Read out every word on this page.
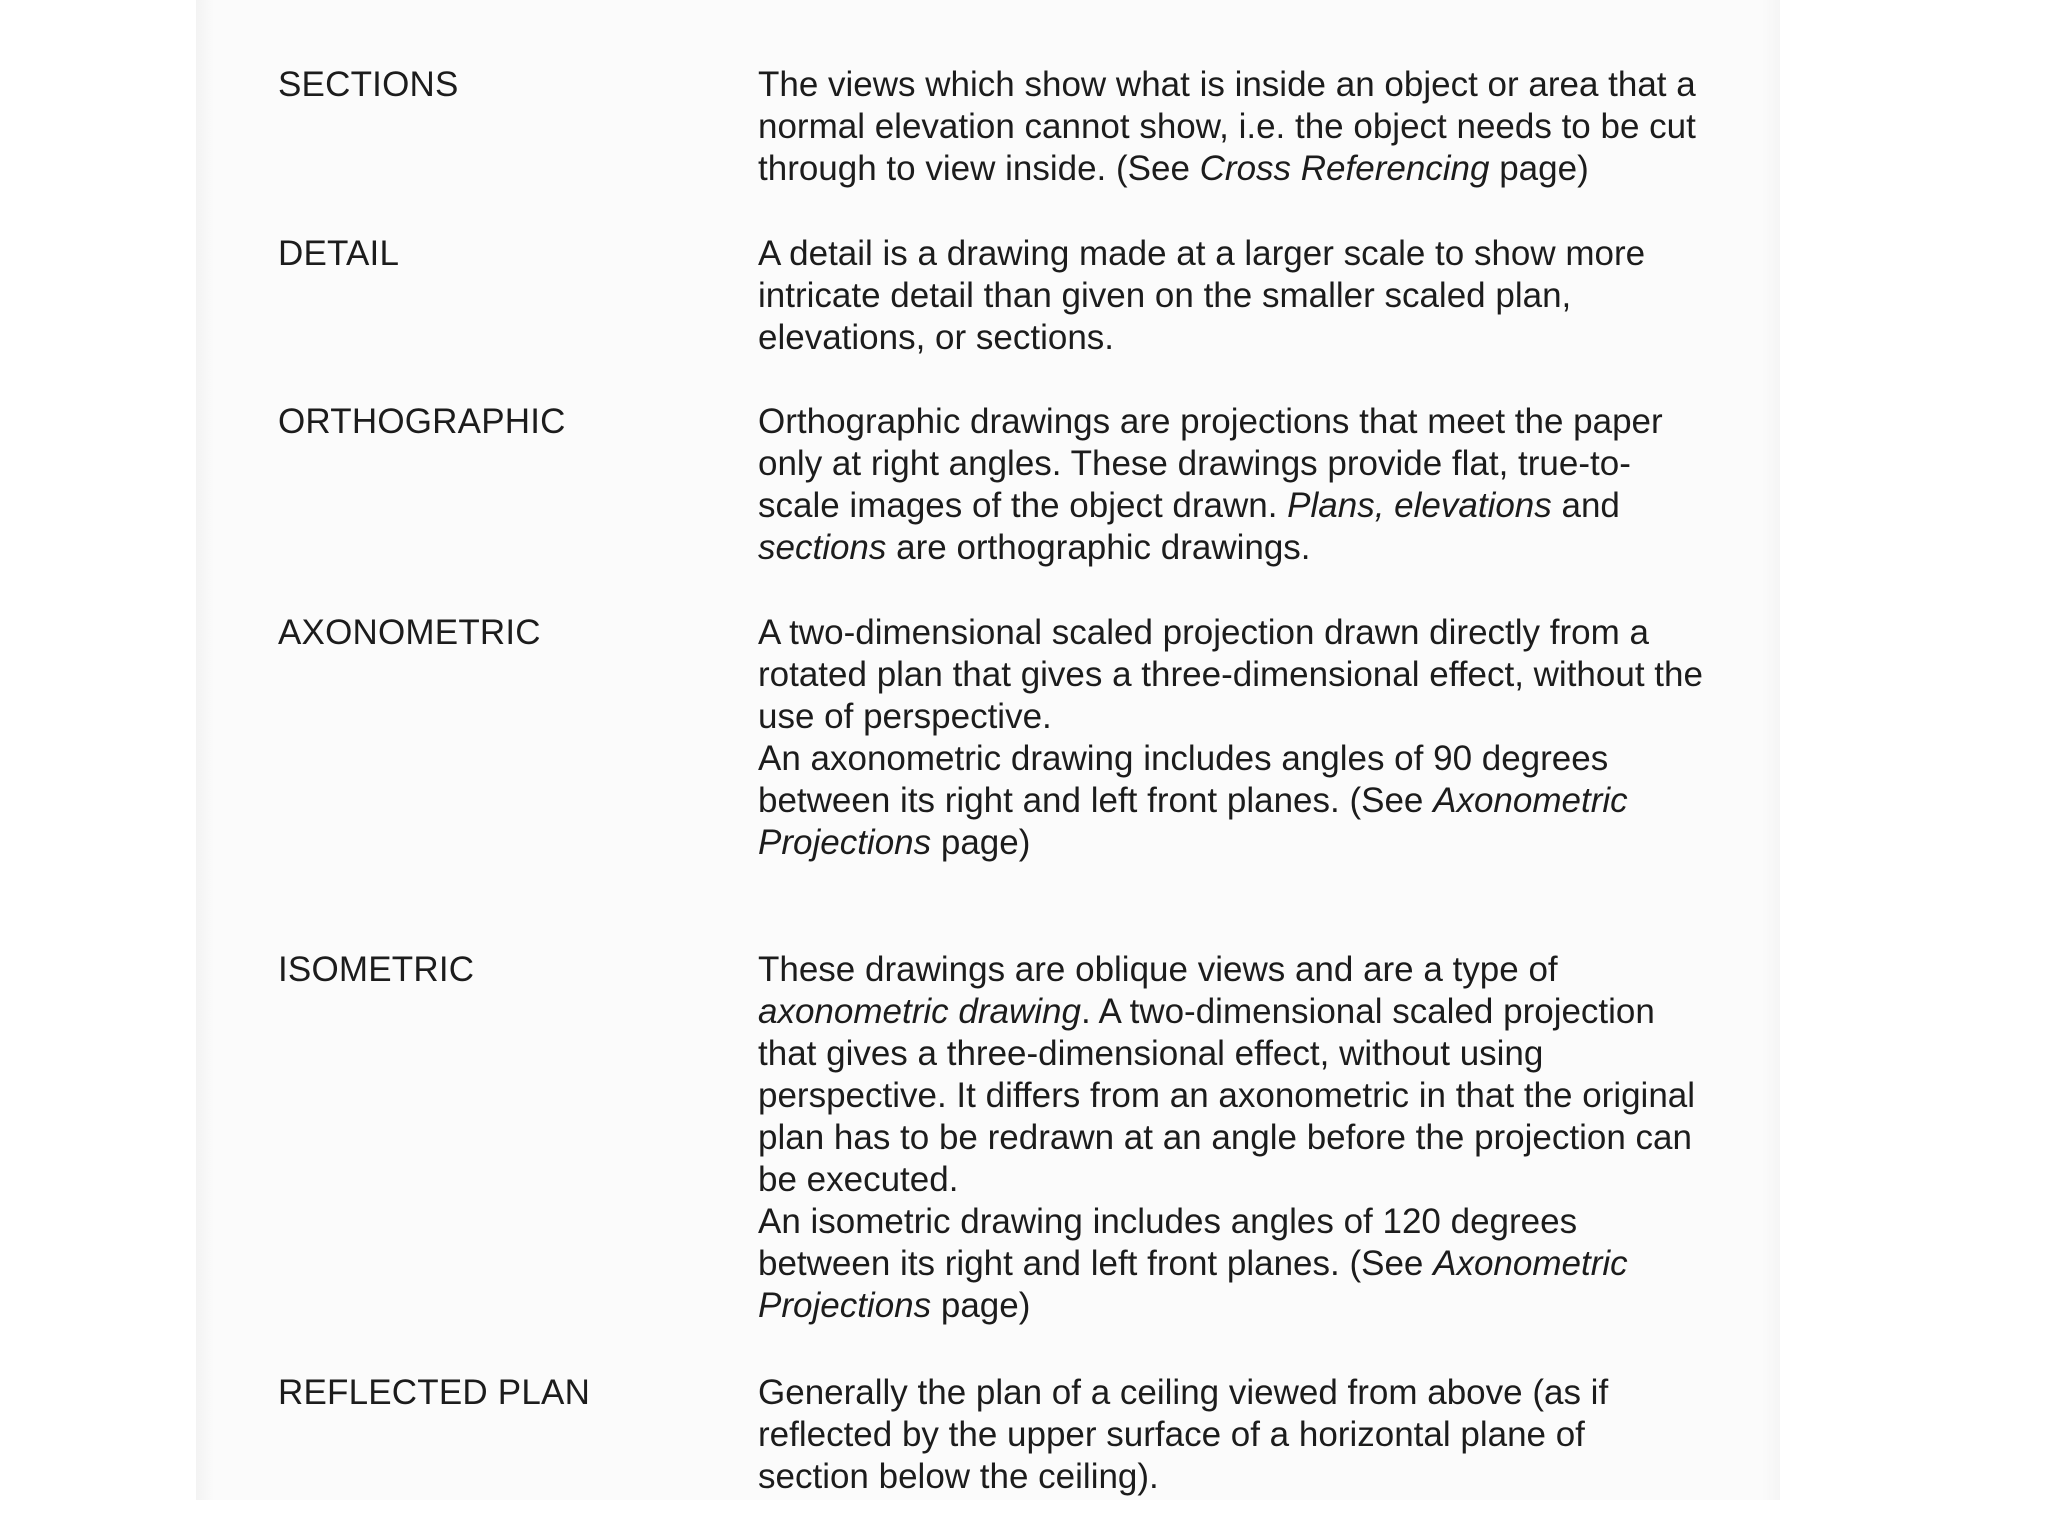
SECTIONS	The views which show what is inside an object or area that a
normal elevation cannot show, i.e. the object needs to be cut
through to view inside. (See Cross Referencing page)
DETAIL	A detail is a drawing made at a larger scale to show more
intricate detail than given on the smaller scaled plan,
elevations, or sections.
ORTHOGRAPHIC	Orthographic drawings are projections that meet the paper
only at right angles. These drawings provide flat, true-to-
scale images of the object drawn. Plans, elevations and
sections are orthographic drawings.
AXONOMETRIC	A two-dimensional scaled projection drawn directly from a
rotated plan that gives a three-dimensional effect, without the
use of perspective.
An axonometric drawing includes angles of 90 degrees
between its right and left front planes. (See Axonometric
Projections page)
ISOMETRIC	These drawings are oblique views and are a type of
axonometric drawing. A two-dimensional scaled projection
that gives a three-dimensional effect, without using
perspective. It differs from an axonometric in that the original
plan has to be redrawn at an angle before the projection can
be executed.
An isometric drawing includes angles of 120 degrees
between its right and left front planes. (See Axonometric
Projections page)
REFLECTED PLAN	Generally the plan of a ceiling viewed from above (as if
reflected by the upper surface of a horizontal plane of
section below the ceiling).
